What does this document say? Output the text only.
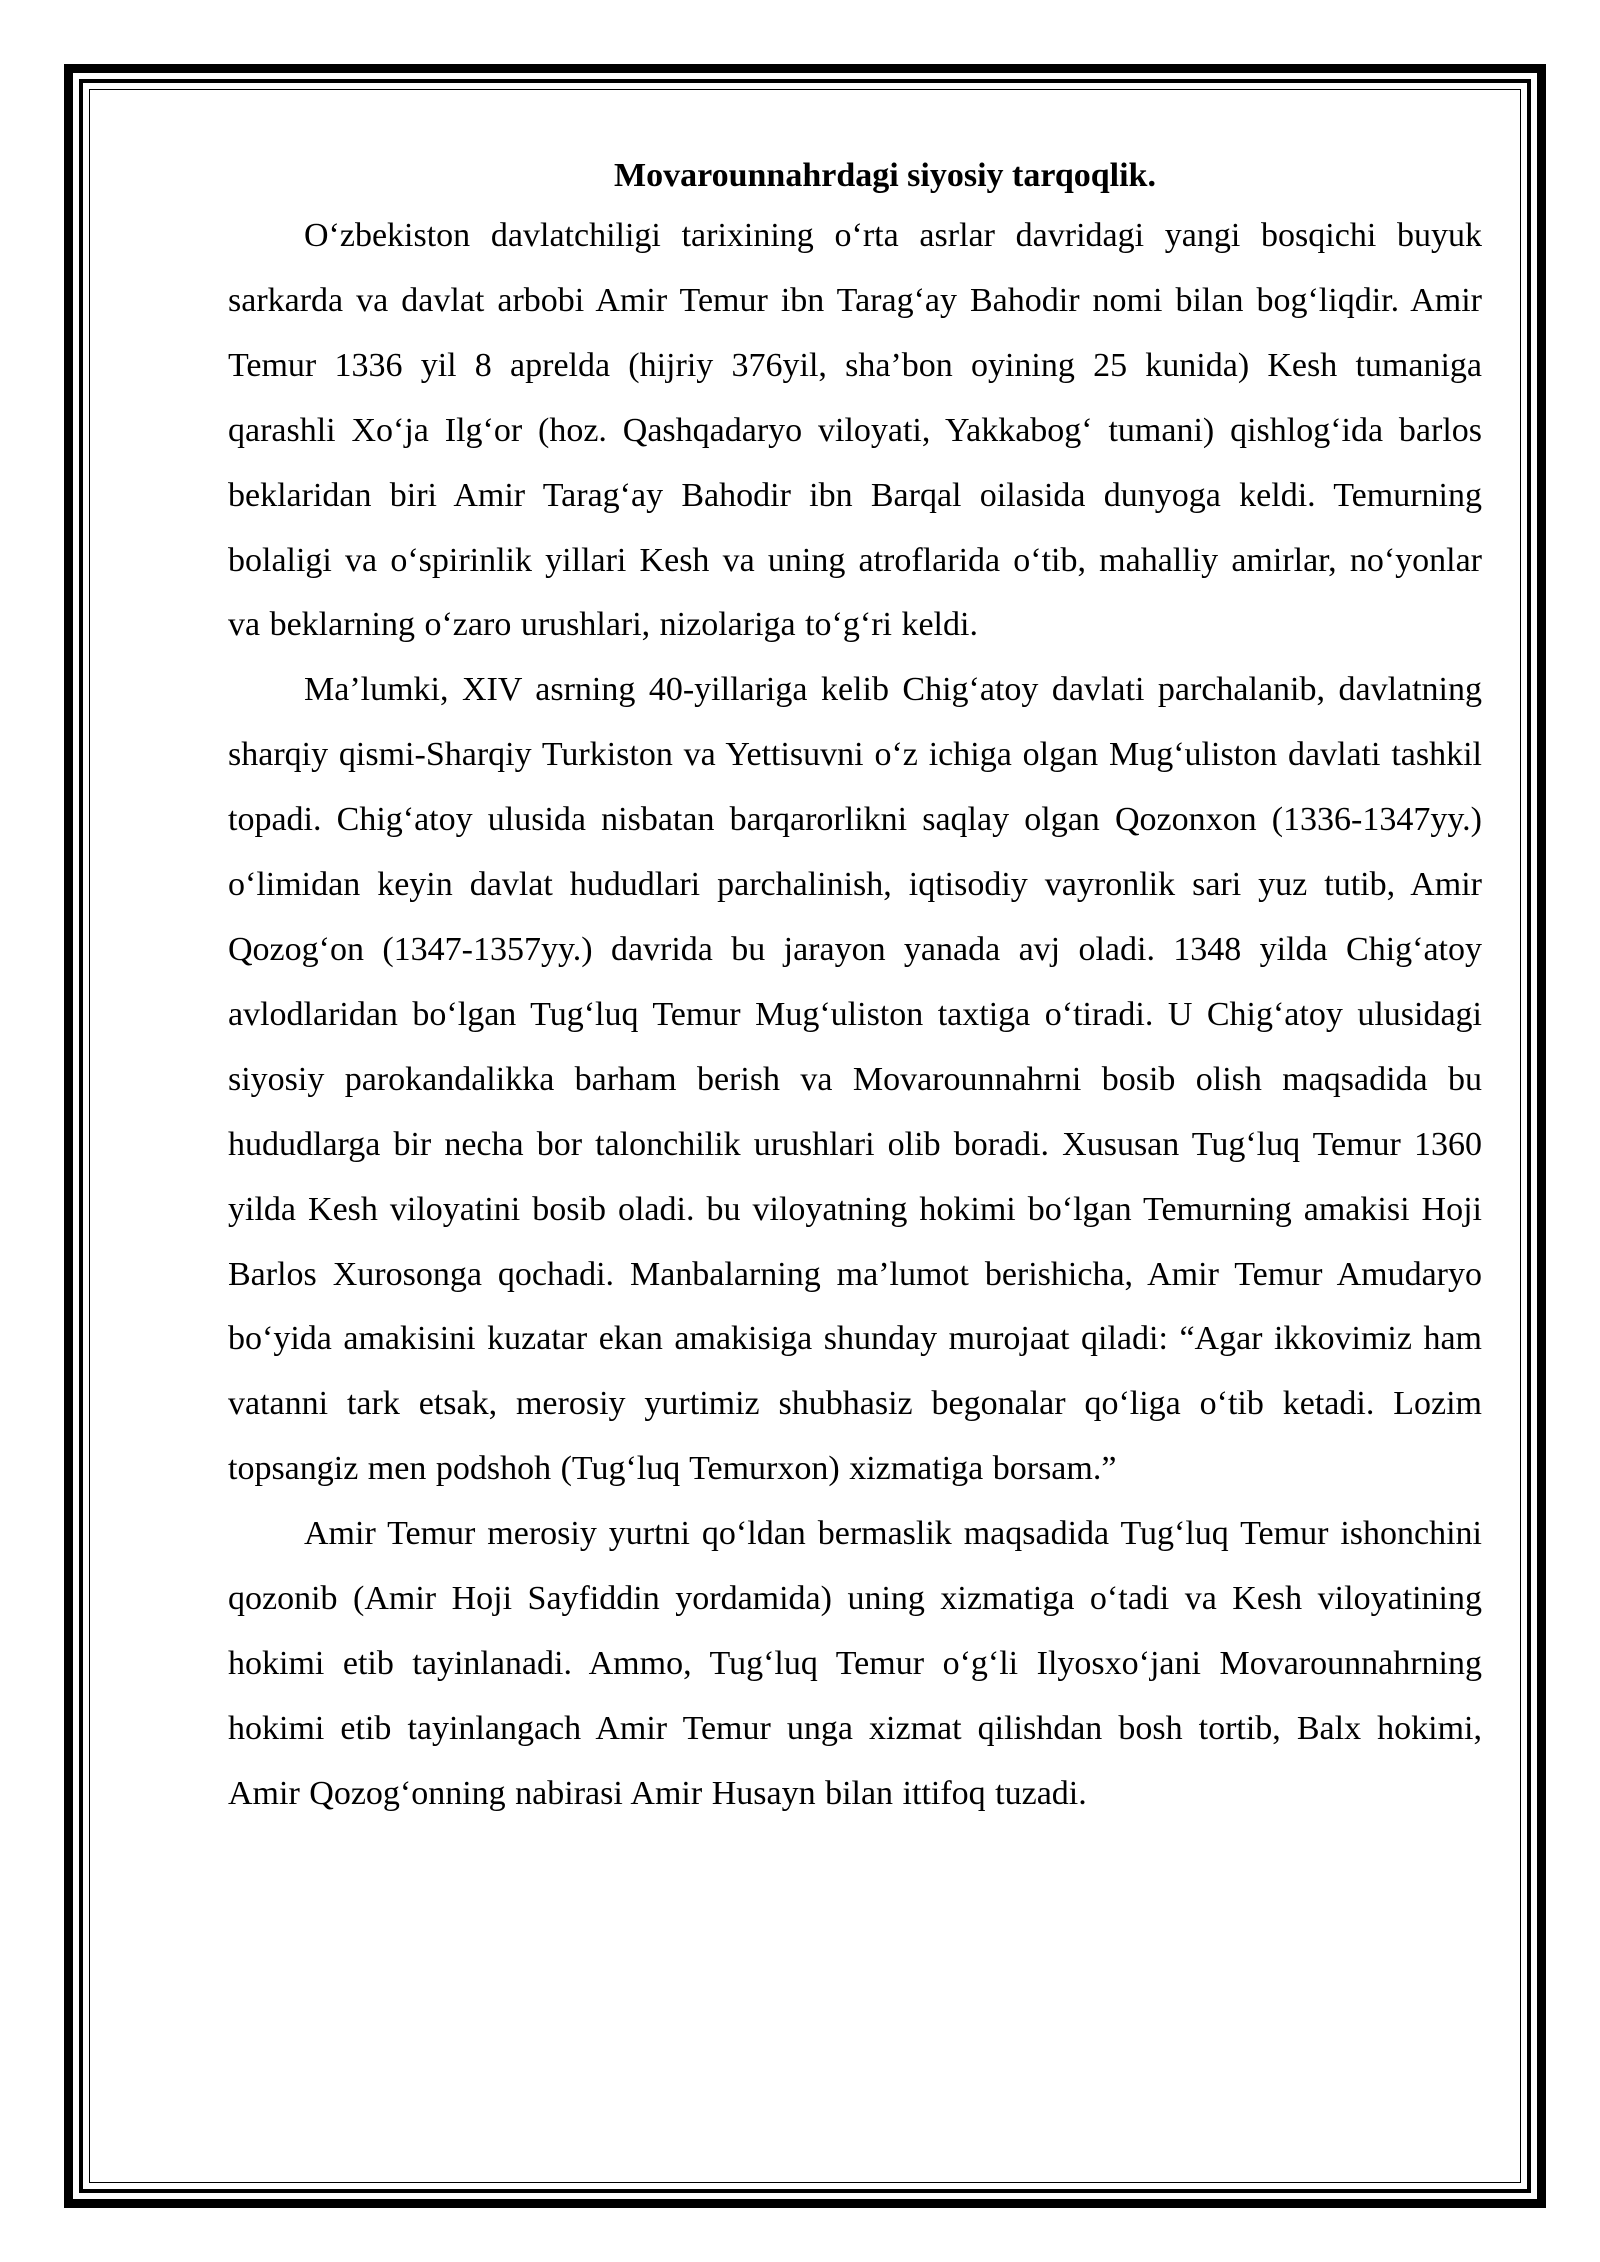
Movarounnahrdagi siyosiy tarqoqlik.

O‘zbekiston davlatchiligi tarixining o‘rta asrlar davridagi yangi bosqichi buyuk sarkarda va davlat arbobi Amir Temur ibn Tarag‘ay Bahodir nomi bilan bog‘liqdir. Amir Temur 1336 yil 8 aprelda (hijriy 376yil, sha’bon oyining 25 kunida) Kesh tumaniga qarashli Xo‘ja Ilg‘or (hoz. Qashqadaryo viloyati, Yakkabog‘ tumani) qishlog‘ida barlos beklaridan biri Amir Tarag‘ay Bahodir ibn Barqal oilasida dunyoga keldi. Temurning bolaligi va o‘spirinlik yillari Kesh va uning atroflarida o‘tib, mahalliy amirlar, no‘yonlar va beklarning o‘zaro urushlari, nizolariga to‘g‘ri keldi.

Ma’lumki, XIV asrning 40-yillariga kelib Chig‘atoy davlati parchalanib, davlatning sharqiy qismi-Sharqiy Turkiston va Yettisuvni o‘z ichiga olgan Mug‘uliston davlati tashkil topadi. Chig‘atoy ulusida nisbatan barqarorlikni saqlay olgan Qozonxon (1336-1347yy.) o‘limidan keyin davlat hududlari parchalinish, iqtisodiy vayronlik sari yuz tutib, Amir Qozog‘on (1347-1357yy.) davrida bu jarayon yanada avj oladi. 1348 yilda Chig‘atoy avlodlaridan bo‘lgan Tug‘luq Temur Mug‘uliston taxtiga o‘tiradi. U Chig‘atoy ulusidagi siyosiy parokandalikka barham berish va Movarounnahrni bosib olish maqsadida bu hududlarga bir necha bor talonchilik urushlari olib boradi. Xususan Tug‘luq Temur 1360 yilda Kesh viloyatini bosib oladi. bu viloyatning hokimi bo‘lgan Temurning amakisi Hoji Barlos Xurosonga qochadi. Manbalarning ma’lumot berishicha, Amir Temur Amudaryo bo‘yida amakisini kuzatar ekan amakisiga shunday murojaat qiladi: “Agar ikkovimiz ham vatanni tark etsak, merosiy yurtimiz shubhasiz begonalar qo‘liga o‘tib ketadi. Lozim topsangiz men podshoh (Tug‘luq Temurxon) xizmatiga borsam.”

Amir Temur merosiy yurtni qo‘ldan bermaslik maqsadida Tug‘luq Temur ishonchini qozonib (Amir Hoji Sayfiddin yordamida) uning xizmatiga o‘tadi va Kesh viloyatining hokimi etib tayinlanadi. Ammo, Tug‘luq Temur o‘g‘li Ilyosxo‘jani Movarounnahrning hokimi etib tayinlangach Amir Temur unga xizmat qilishdan bosh tortib, Balx hokimi, Amir Qozog‘onning nabirasi Amir Husayn bilan ittifoq tuzadi.
